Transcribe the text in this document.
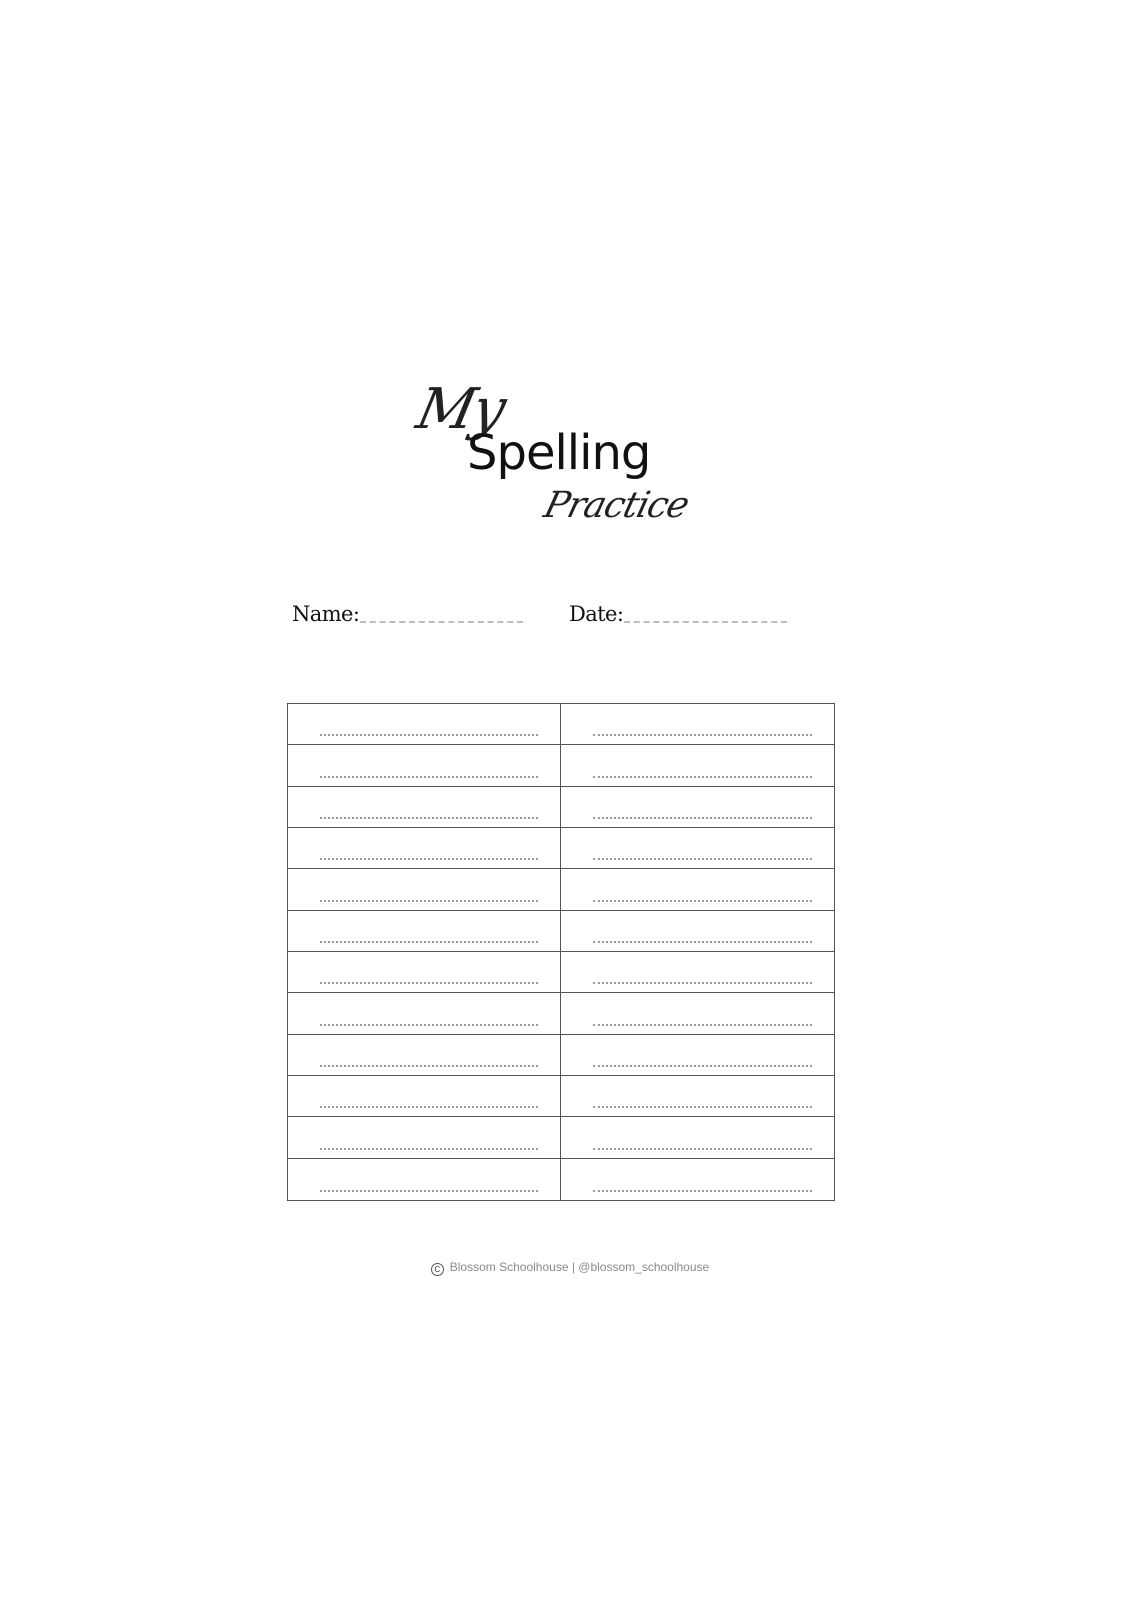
My
Spelling
Practice
Name:	Date:
C Blossom Schoolhouse | @blossom_schoolhouse
